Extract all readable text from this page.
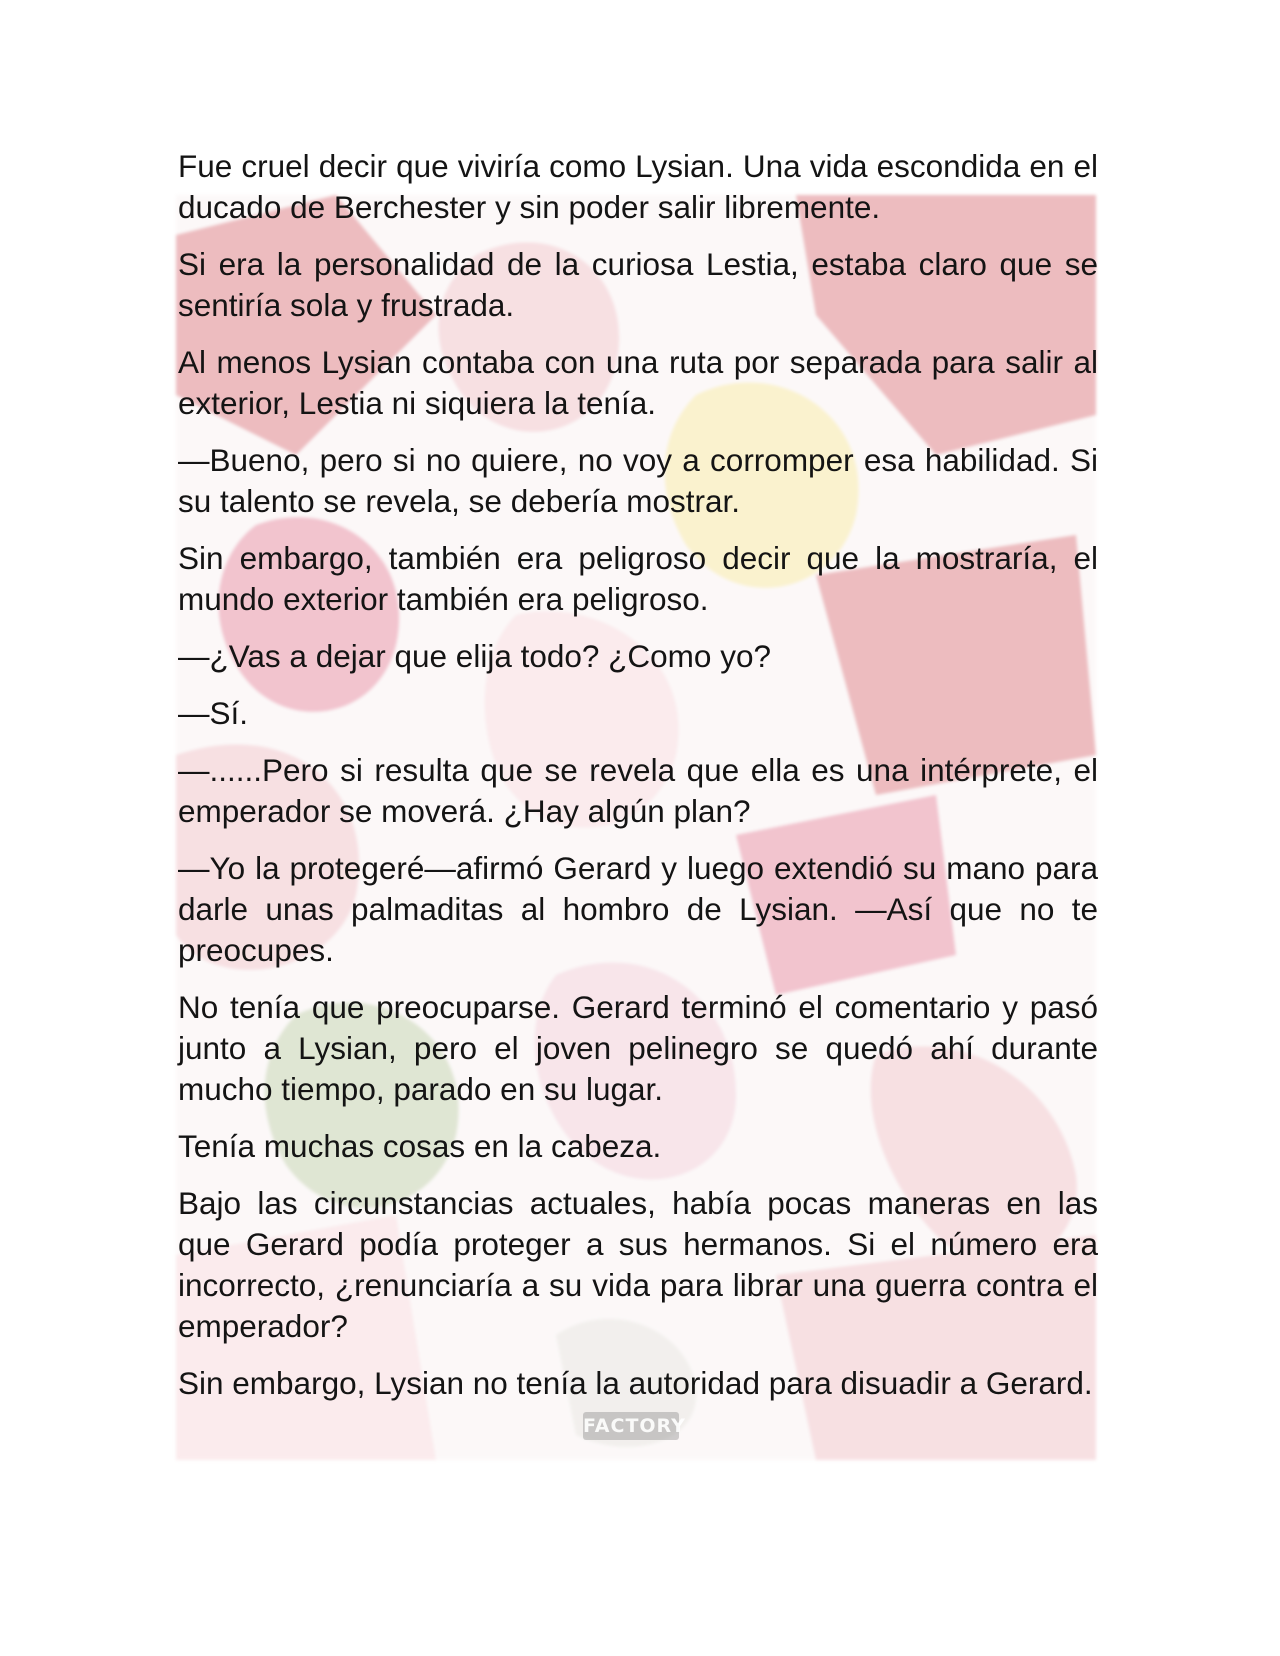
FACTORY

Fue cruel decir que viviría como Lysian. Una vida escondida en el ducado de Berchester y sin poder salir libremente.

Si era la personalidad de la curiosa Lestia, estaba claro que se sentiría sola y frustrada.

Al menos Lysian contaba con una ruta por separada para salir al exterior, Lestia ni siquiera la tenía.

—Bueno, pero si no quiere, no voy a corromper esa habilidad. Si su talento se revela, se debería mostrar.

Sin embargo, también era peligroso decir que la mostraría, el mundo exterior también era peligroso.

—¿Vas a dejar que elija todo? ¿Como yo?

—Sí.

—......Pero si resulta que se revela que ella es una intérprete, el emperador se moverá. ¿Hay algún plan?

—Yo la protegeré—afirmó Gerard y luego extendió su mano para darle unas palmaditas al hombro de Lysian. —Así que no te preocupes.

No tenía que preocuparse. Gerard terminó el comentario y pasó junto a Lysian, pero el joven pelinegro se quedó ahí durante mucho tiempo, parado en su lugar.

Tenía muchas cosas en la cabeza.

Bajo las circunstancias actuales, había pocas maneras en las que Gerard podía proteger a sus hermanos. Si el número era incorrecto, ¿renunciaría a su vida para librar una guerra contra el emperador?

Sin embargo, Lysian no tenía la autoridad para disuadir a Gerard.
